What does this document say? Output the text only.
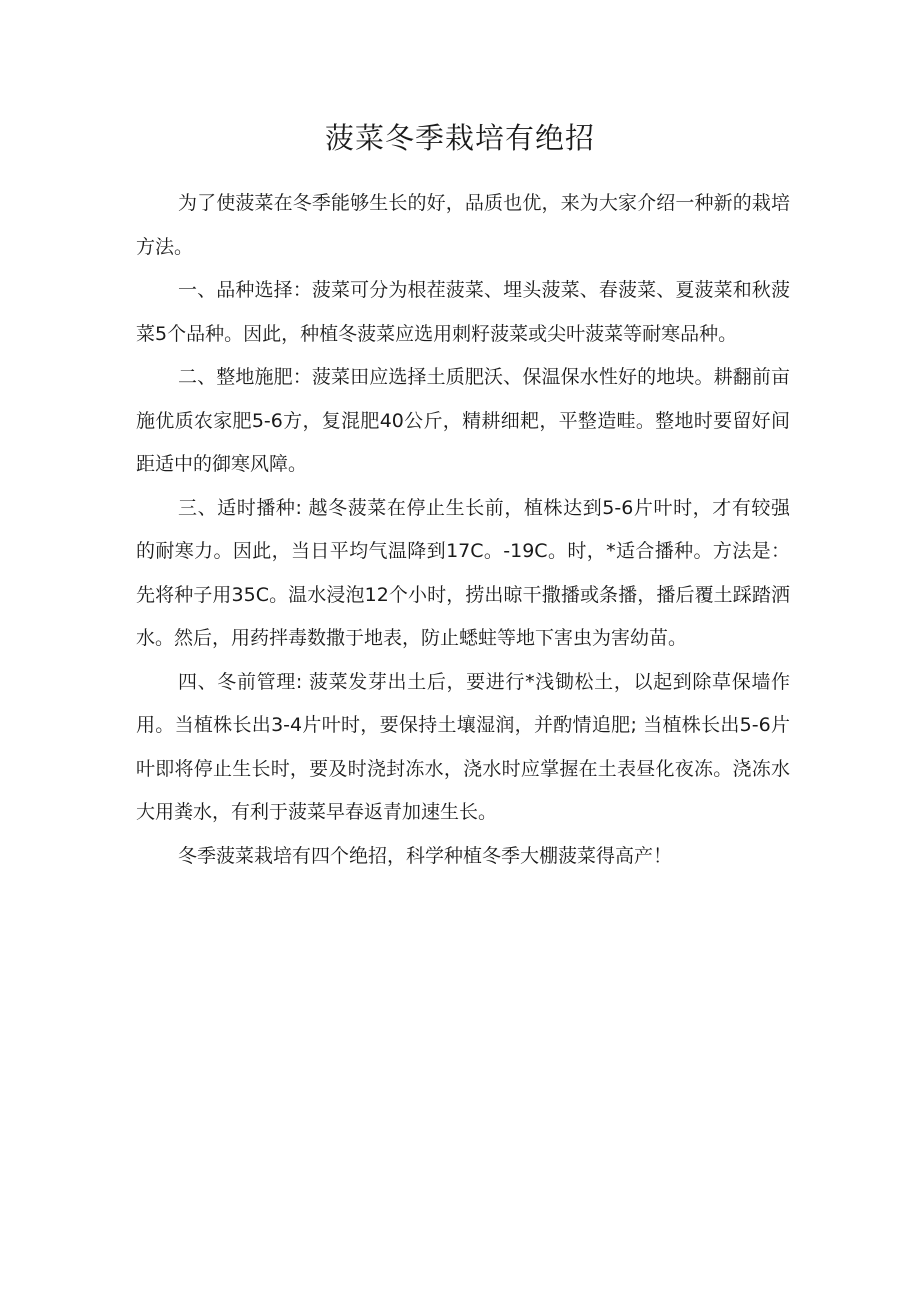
菠菜冬季栽培有绝招

为了使菠菜在冬季能够生长的好，品质也优，来为大家介绍一种新的栽培方法。

一、品种选择：菠菜可分为根茬菠菜、埋头菠菜、春菠菜、夏菠菜和秋菠菜5个品种。因此，种植冬菠菜应选用刺籽菠菜或尖叶菠菜等耐寒品种。

二、整地施肥：菠菜田应选择土质肥沃、保温保水性好的地块。耕翻前亩施优质农家肥5-6方，复混肥40公斤，精耕细耙，平整造畦。整地时要留好间距适中的御寒风障。

三、适时播种: 越冬菠菜在停止生长前，植株达到5-6片叶时，才有较强的耐寒力。因此，当日平均气温降到17C。-19C。时，*适合播种。方法是：先将种子用35C。温水浸泡12个小时，捞出晾干撒播或条播，播后覆土踩踏洒水。然后，用药拌毒数撒于地表，防止蟋蛀等地下害虫为害幼苗。

四、冬前管理: 菠菜发芽出土后，要进行*浅锄松土，以起到除草保墙作用。当植株长出3-4片叶时，要保持土壤湿润，并酌情追肥; 当植株长出5-6片叶即将停止生长时，要及时浇封冻水，浇水时应掌握在土表昼化夜冻。浇冻水大用粪水，有利于菠菜早春返青加速生长。

冬季菠菜栽培有四个绝招，科学种植冬季大棚菠菜得高产！
